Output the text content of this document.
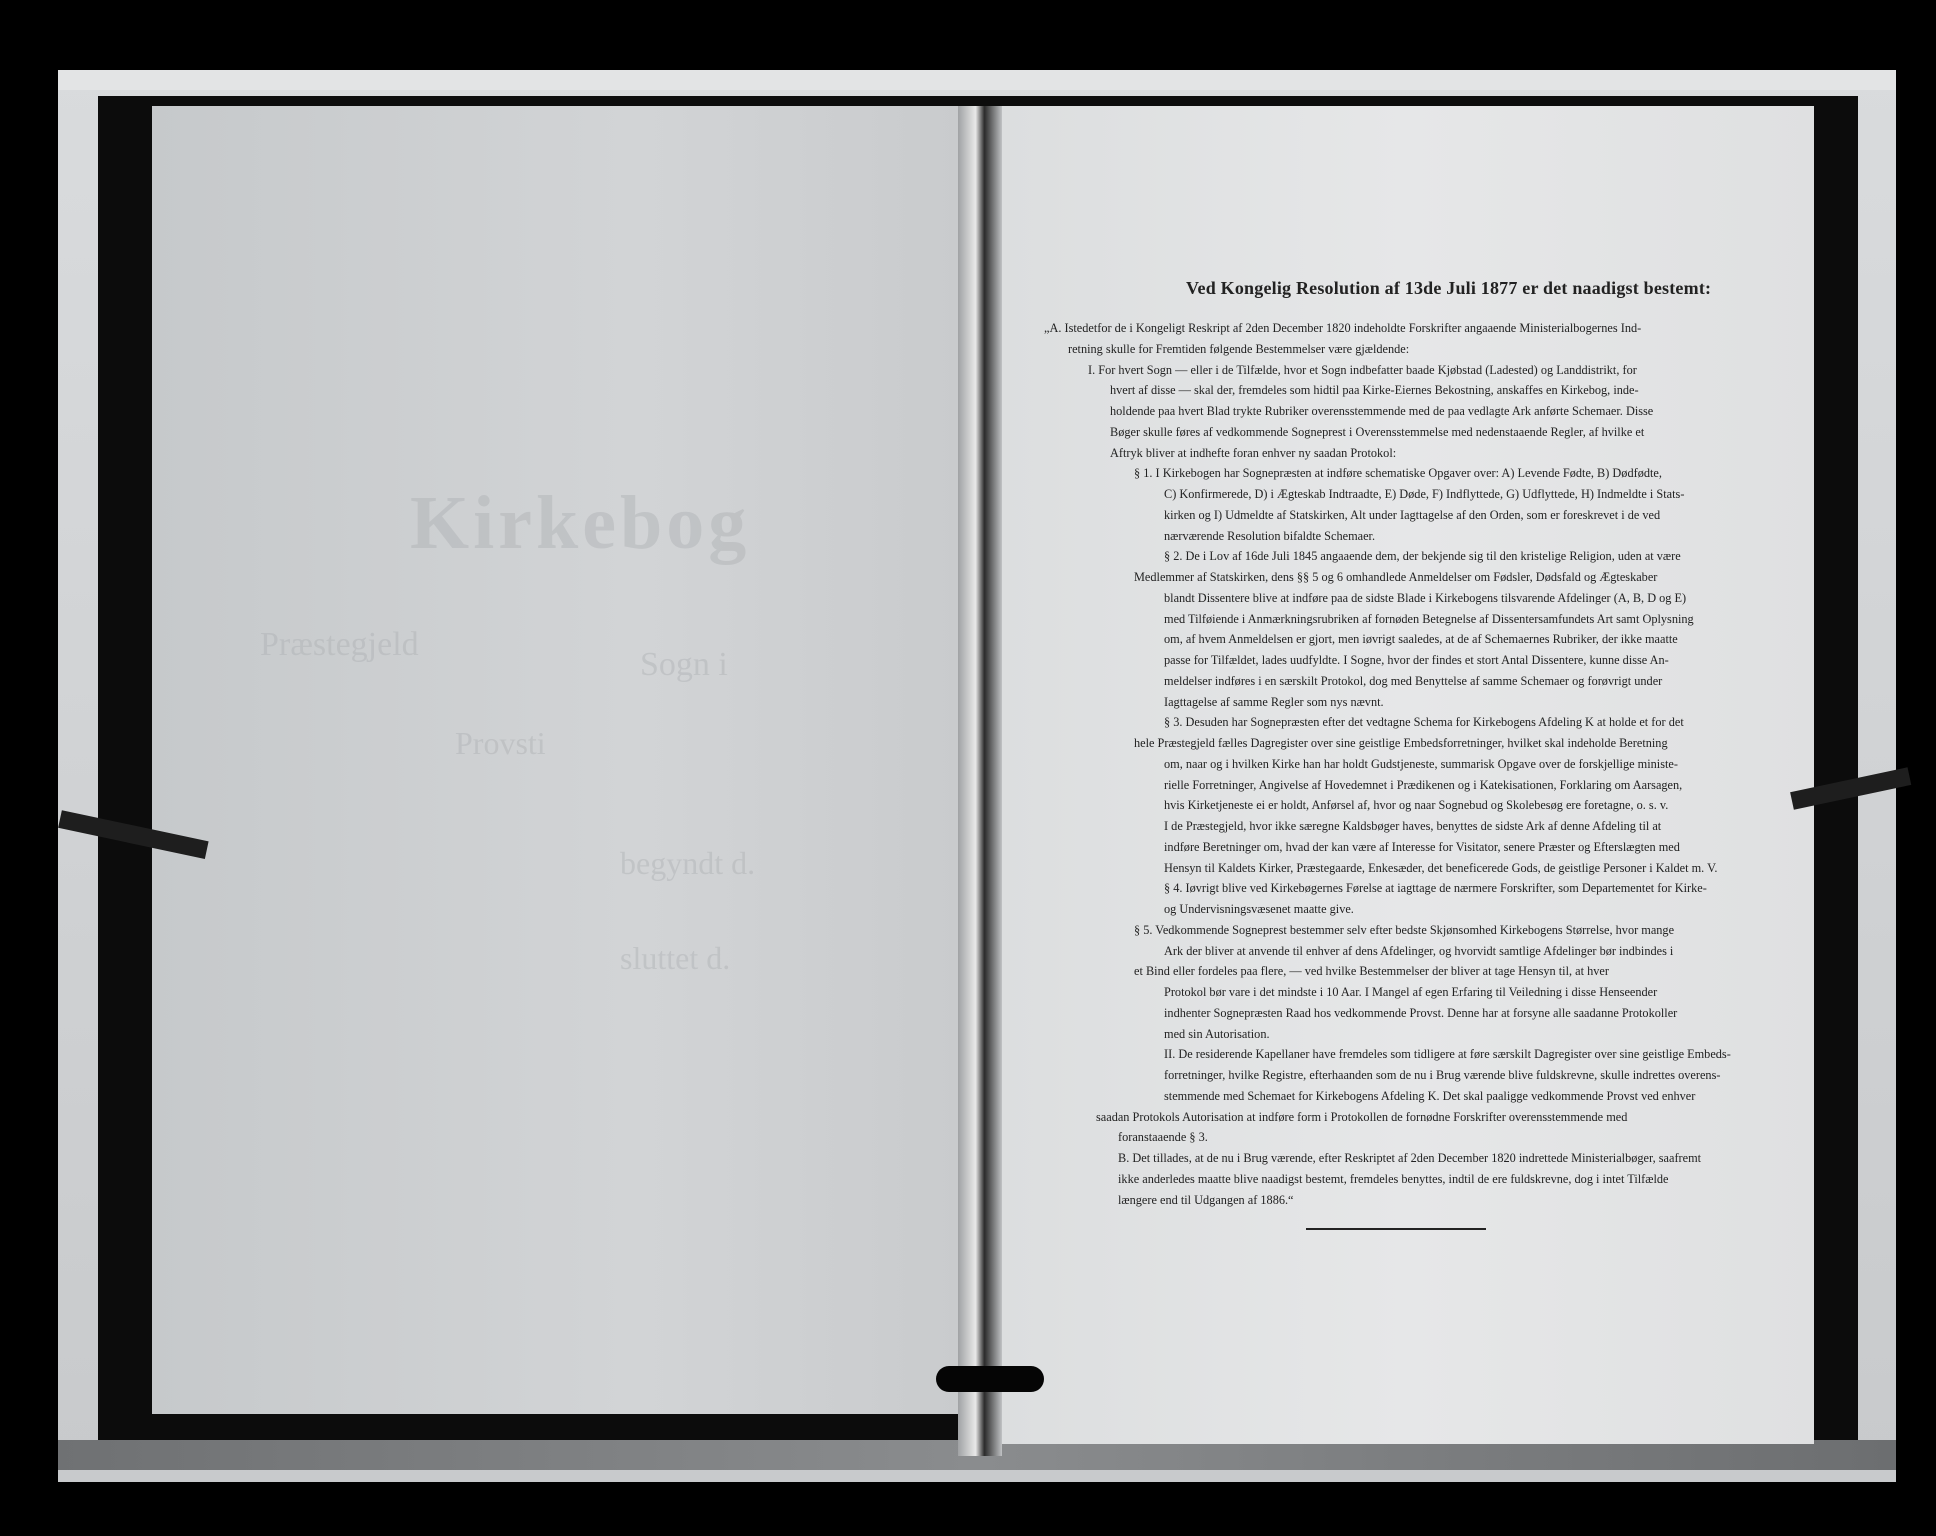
Kirkebog
Præstegjeld
Sogn i
Provsti
begyndt d.
sluttet d.
Ved Kongelig Resolution af 13de Juli 1877 er det naadigst bestemt:
„A. Istedetfor de i Kongeligt Reskript af 2den December 1820 indeholdte Forskrifter angaaende Ministerialbogernes Ind-
retning skulle for Fremtiden følgende Bestemmelser være gjældende:
I. For hvert Sogn — eller i de Tilfælde, hvor et Sogn indbefatter baade Kjøbstad (Ladested) og Landdistrikt, for
hvert af disse — skal der, fremdeles som hidtil paa Kirke-Eiernes Bekostning, anskaffes en Kirkebog, inde-
holdende paa hvert Blad trykte Rubriker overensstemmende med de paa vedlagte Ark anførte Schemaer. Disse
Bøger skulle føres af vedkommende Sogneprest i Overensstemmelse med nedenstaaende Regler, af hvilke et
Aftryk bliver at indhefte foran enhver ny saadan Protokol:
§ 1. I Kirkebogen har Sognepræsten at indføre schematiske Opgaver over: A) Levende Fødte, B) Dødfødte,
C) Konfirmerede, D) i Ægteskab Indtraadte, E) Døde, F) Indflyttede, G) Udflyttede, H) Indmeldte i Stats-
kirken og I) Udmeldte af Statskirken, Alt under Iagttagelse af den Orden, som er foreskrevet i de ved
nærværende Resolution bifaldte Schemaer.
§ 2. De i Lov af 16de Juli 1845 angaaende dem, der bekjende sig til den kristelige Religion, uden at være
Medlemmer af Statskirken, dens §§ 5 og 6 omhandlede Anmeldelser om Fødsler, Dødsfald og Ægteskaber
blandt Dissentere blive at indføre paa de sidste Blade i Kirkebogens tilsvarende Afdelinger (A, B, D og E)
med Tilføiende i Anmærkningsrubriken af fornøden Betegnelse af Dissentersamfundets Art samt Oplysning
om, af hvem Anmeldelsen er gjort, men iøvrigt saaledes, at de af Schemaernes Rubriker, der ikke maatte
passe for Tilfældet, lades uudfyldte. I Sogne, hvor der findes et stort Antal Dissentere, kunne disse An-
meldelser indføres i en særskilt Protokol, dog med Benyttelse af samme Schemaer og forøvrigt under
Iagttagelse af samme Regler som nys nævnt.
§ 3. Desuden har Sognepræsten efter det vedtagne Schema for Kirkebogens Afdeling K at holde et for det
hele Præstegjeld fælles Dagregister over sine geistlige Embedsforretninger, hvilket skal indeholde Beretning
om, naar og i hvilken Kirke han har holdt Gudstjeneste, summarisk Opgave over de forskjellige ministe-
rielle Forretninger, Angivelse af Hovedemnet i Prædikenen og i Katekisationen, Forklaring om Aarsagen,
hvis Kirketjeneste ei er holdt, Anførsel af, hvor og naar Sognebud og Skolebesøg ere foretagne, o. s. v.
I de Præstegjeld, hvor ikke særegne Kaldsbøger haves, benyttes de sidste Ark af denne Afdeling til at
indføre Beretninger om, hvad der kan være af Interesse for Visitator, senere Præster og Efterslægten med
Hensyn til Kaldets Kirker, Præstegaarde, Enkesæder, det beneficerede Gods, de geistlige Personer i Kaldet m. V.
§ 4. Iøvrigt blive ved Kirkebøgernes Førelse at iagttage de nærmere Forskrifter, som Departementet for Kirke-
og Undervisningsvæsenet maatte give.
§ 5. Vedkommende Sogneprest bestemmer selv efter bedste Skjønsomhed Kirkebogens Størrelse, hvor mange
Ark der bliver at anvende til enhver af dens Afdelinger, og hvorvidt samtlige Afdelinger bør indbindes i
et Bind eller fordeles paa flere, — ved hvilke Bestemmelser der bliver at tage Hensyn til, at hver
Protokol bør vare i det mindste i 10 Aar. I Mangel af egen Erfaring til Veiledning i disse Henseender
indhenter Sognepræsten Raad hos vedkommende Provst. Denne har at forsyne alle saadanne Protokoller
med sin Autorisation.
II. De residerende Kapellaner have fremdeles som tidligere at føre særskilt Dagregister over sine geistlige Embeds-
forretninger, hvilke Registre, efterhaanden som de nu i Brug værende blive fuldskrevne, skulle indrettes overens-
stemmende med Schemaet for Kirkebogens Afdeling K. Det skal paaligge vedkommende Provst ved enhver
saadan Protokols Autorisation at indføre form i Protokollen de fornødne Forskrifter overensstemmende med
foranstaaende § 3.
B. Det tillades, at de nu i Brug værende, efter Reskriptet af 2den December 1820 indrettede Ministerialbøger, saafremt
ikke anderledes maatte blive naadigst bestemt, fremdeles benyttes, indtil de ere fuldskrevne, dog i intet Tilfælde
længere end til Udgangen af 1886.“
